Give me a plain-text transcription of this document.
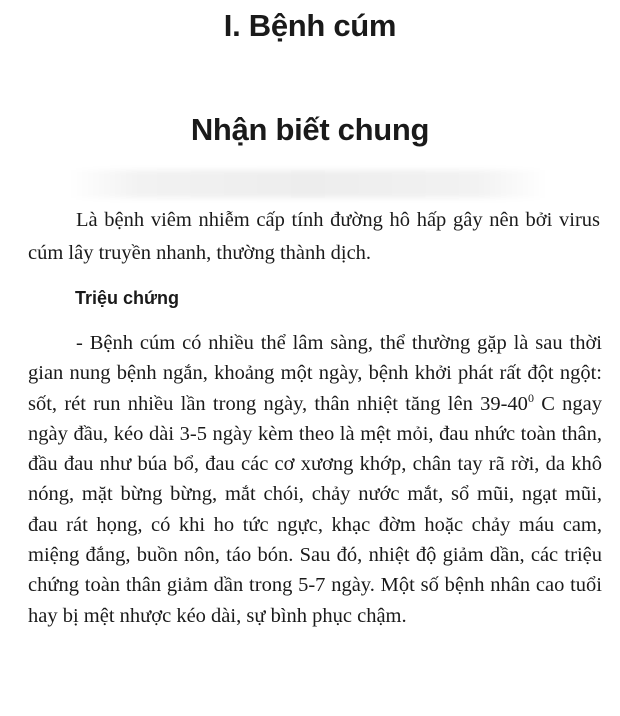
I. Bệnh cúm
Nhận biết chung

Là bệnh viêm nhiễm cấp tính đường hô hấp gây nên bởi virus cúm lây truyền nhanh, thường thành dịch.

Triệu chứng

- Bệnh cúm có nhiều thể lâm sàng, thể thường gặp là sau thời gian nung bệnh ngắn, khoảng một ngày, bệnh khởi phát rất đột ngột: sốt, rét run nhiều lần trong ngày, thân nhiệt tăng lên $39-40^0$ C ngay ngày đầu, kéo dài 3-5 ngày kèm theo là mệt mỏi, đau nhức toàn thân, đầu đau như búa bổ, đau các cơ xương khớp, chân tay rã rời, da khô nóng, mặt bừng bừng, mắt chói, chảy nước mắt, sổ mũi, ngạt mũi, đau rát họng, có khi ho tức ngực, khạc đờm hoặc chảy máu cam, miệng đắng, buồn nôn, táo bón. Sau đó, nhiệt độ giảm dần, các triệu chứng toàn thân giảm dần trong 5-7 ngày. Một số bệnh nhân cao tuổi hay bị mệt nhược kéo dài, sự bình phục chậm.
